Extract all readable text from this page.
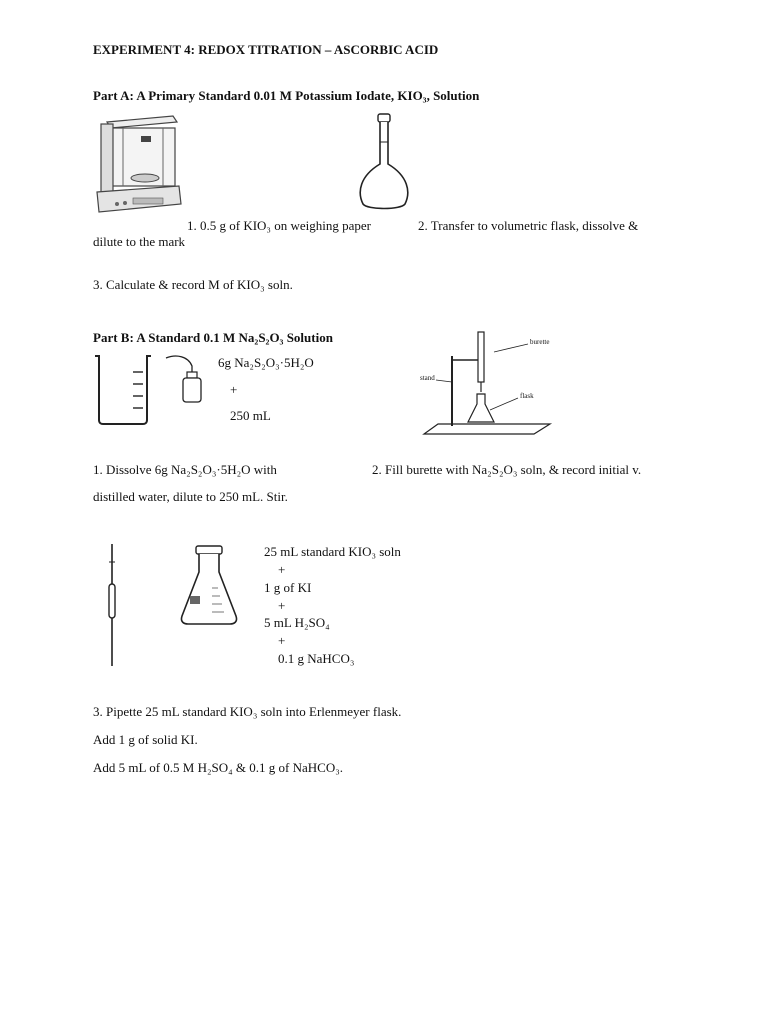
EXPERIMENT 4: REDOX TITRATION – ASCORBIC ACID
Part A: A Primary Standard 0.01 M Potassium Iodate, KIO₃, Solution
1. 0.5 g of KIO₃ on weighing paper	2. Transfer to volumetric flask, dissolve &
dilute to the mark
3. Calculate & record M of KIO₃ soln.
Part B: A Standard 0.1 M Na₂S₂O₃ Solution
6g Na₂S₂O₃·5H₂O
+
250 mL
burette
stand
flask
1. Dissolve 6g Na₂S₂O₃·5H₂O with	2. Fill burette with Na₂S₂O₃ soln, & record initial v.
distilled water, dilute to 250 mL. Stir.
25 mL standard KIO₃ soln
+
1 g of KI
+
5 mL H₂SO₄
+
0.1 g NaHCO₃
3. Pipette 25 mL standard KIO₃ soln into Erlenmeyer flask.
Add 1 g of solid KI.
Add 5 mL of 0.5 M H₂SO₄ & 0.1 g of NaHCO₃.
